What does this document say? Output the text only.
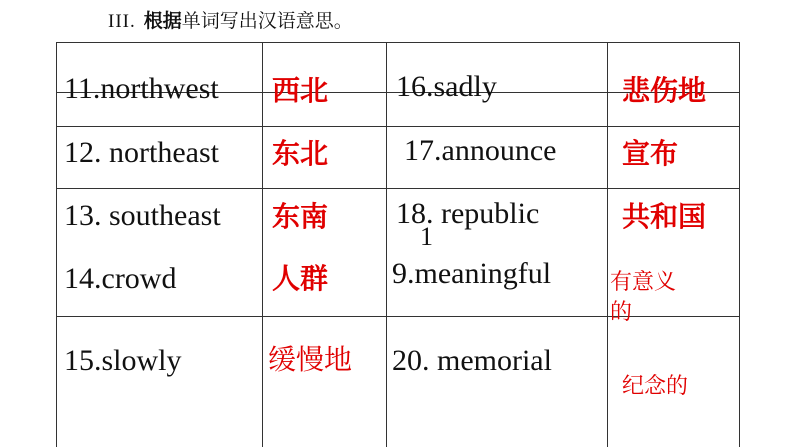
III. 根据单词写出汉语意思。
11.northwest
12. northeast
13. southeast
14.crowd
15.slowly
西北
东北
东南
人群
缓慢地
16.sadly
17.announce
18. republic
1
9.meaningful
20. memorial
悲伤地
宣布
共和国
有意义
的
纪念的
